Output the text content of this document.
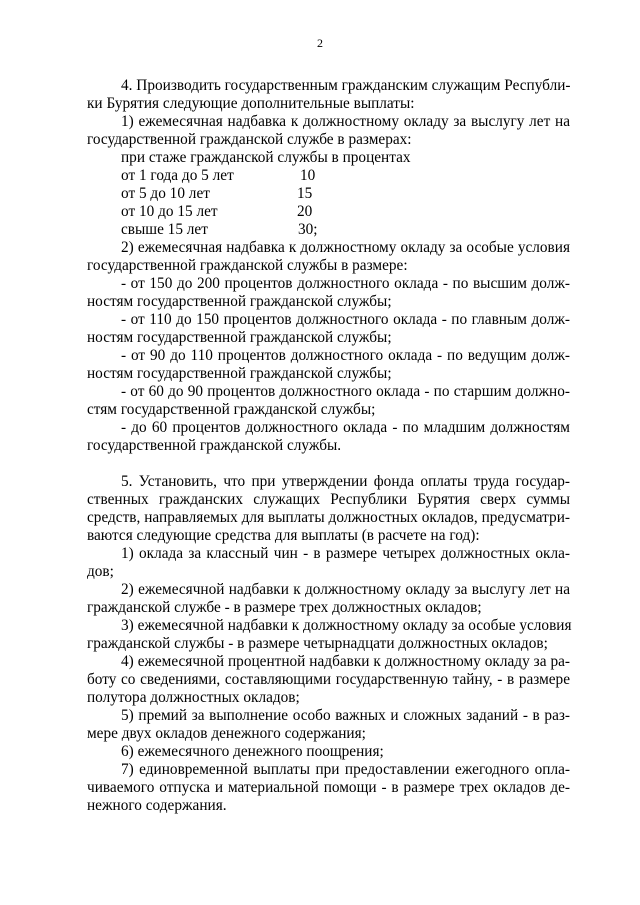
2
4. Производить государственным гражданским служащим Республи-
ки Бурятия следующие дополнительные выплаты:
1) ежемесячная надбавка к должностному окладу за выслугу лет на
государственной гражданской службе в размерах:
при стаже гражданской службы в процентах
от 1 года до 5 лет	10
от 5 до 10 лет	15
от 10 до 15 лет	20
свыше 15 лет	30;
2) ежемесячная надбавка к должностному окладу за особые условия
государственной гражданской службы в размере:
- от 150 до 200 процентов должностного оклада - по высшим долж-
ностям государственной гражданской службы;
- от 110 до 150 процентов должностного оклада - по главным долж-
ностям государственной гражданской службы;
- от 90 до 110 процентов должностного оклада - по ведущим долж-
ностям государственной гражданской службы;
- от 60 до 90 процентов должностного оклада - по старшим должно-
стям государственной гражданской службы;
- до 60 процентов должностного оклада - по младшим должностям
государственной гражданской службы.
5. Установить, что при утверждении фонда оплаты труда государ-
ственных гражданских служащих Республики Бурятия сверх суммы
средств, направляемых для выплаты должностных окладов, предусматри-
ваются следующие средства для выплаты (в расчете на год):
1) оклада за классный чин - в размере четырех должностных окла-
дов;
2) ежемесячной надбавки к должностному окладу за выслугу лет на
гражданской службе - в размере трех должностных окладов;
3) ежемесячной надбавки к должностному окладу за особые условия
гражданской службы - в размере четырнадцати должностных окладов;
4) ежемесячной процентной надбавки к должностному окладу за ра-
боту со сведениями, составляющими государственную тайну, - в размере
полутора должностных окладов;
5) премий за выполнение особо важных и сложных заданий - в раз-
мере двух окладов денежного содержания;
6) ежемесячного денежного поощрения;
7) единовременной выплаты при предоставлении ежегодного опла-
чиваемого отпуска и материальной помощи - в размере трех окладов де-
нежного содержания.
